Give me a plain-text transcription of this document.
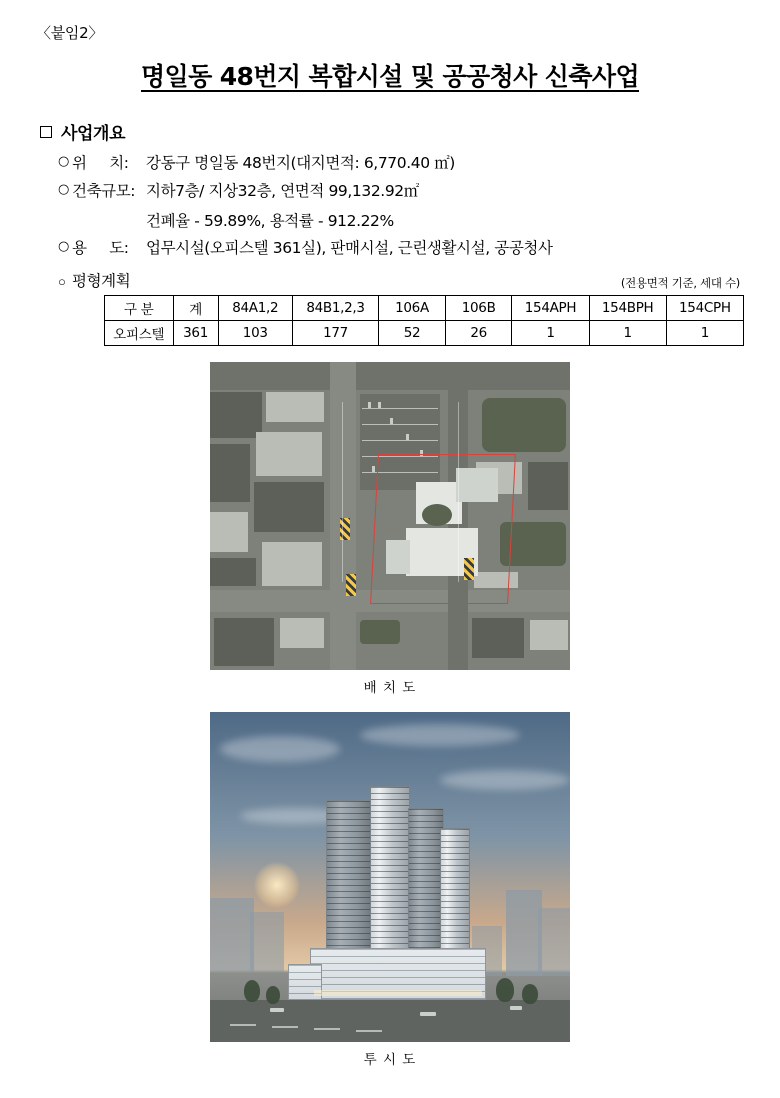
〈붙임2〉
명일동 48번지 복합시설 및 공공청사 신축사업
사업개요
○ 위     치:	강동구 명일동 48번지(대지면적: 6,770.40 ㎡)
○ 건축규모: 지하7층/ 지상32층, 연면적 99,132.92㎡
건폐율 - 59.89%, 용적률 - 912.22%
○ 용     도:	업무시설(오피스텔 361실), 판매시설, 근린생활시설, 공공청사
○ 평형계획	(전용면적 기준, 세대 수)
구 분	계	84A1,2	84B1,2,3	106A	106B	154APH	154BPH	154CPH
오피스텔	361	103	177	52	26	1	1	1
배 치 도
투 시 도
